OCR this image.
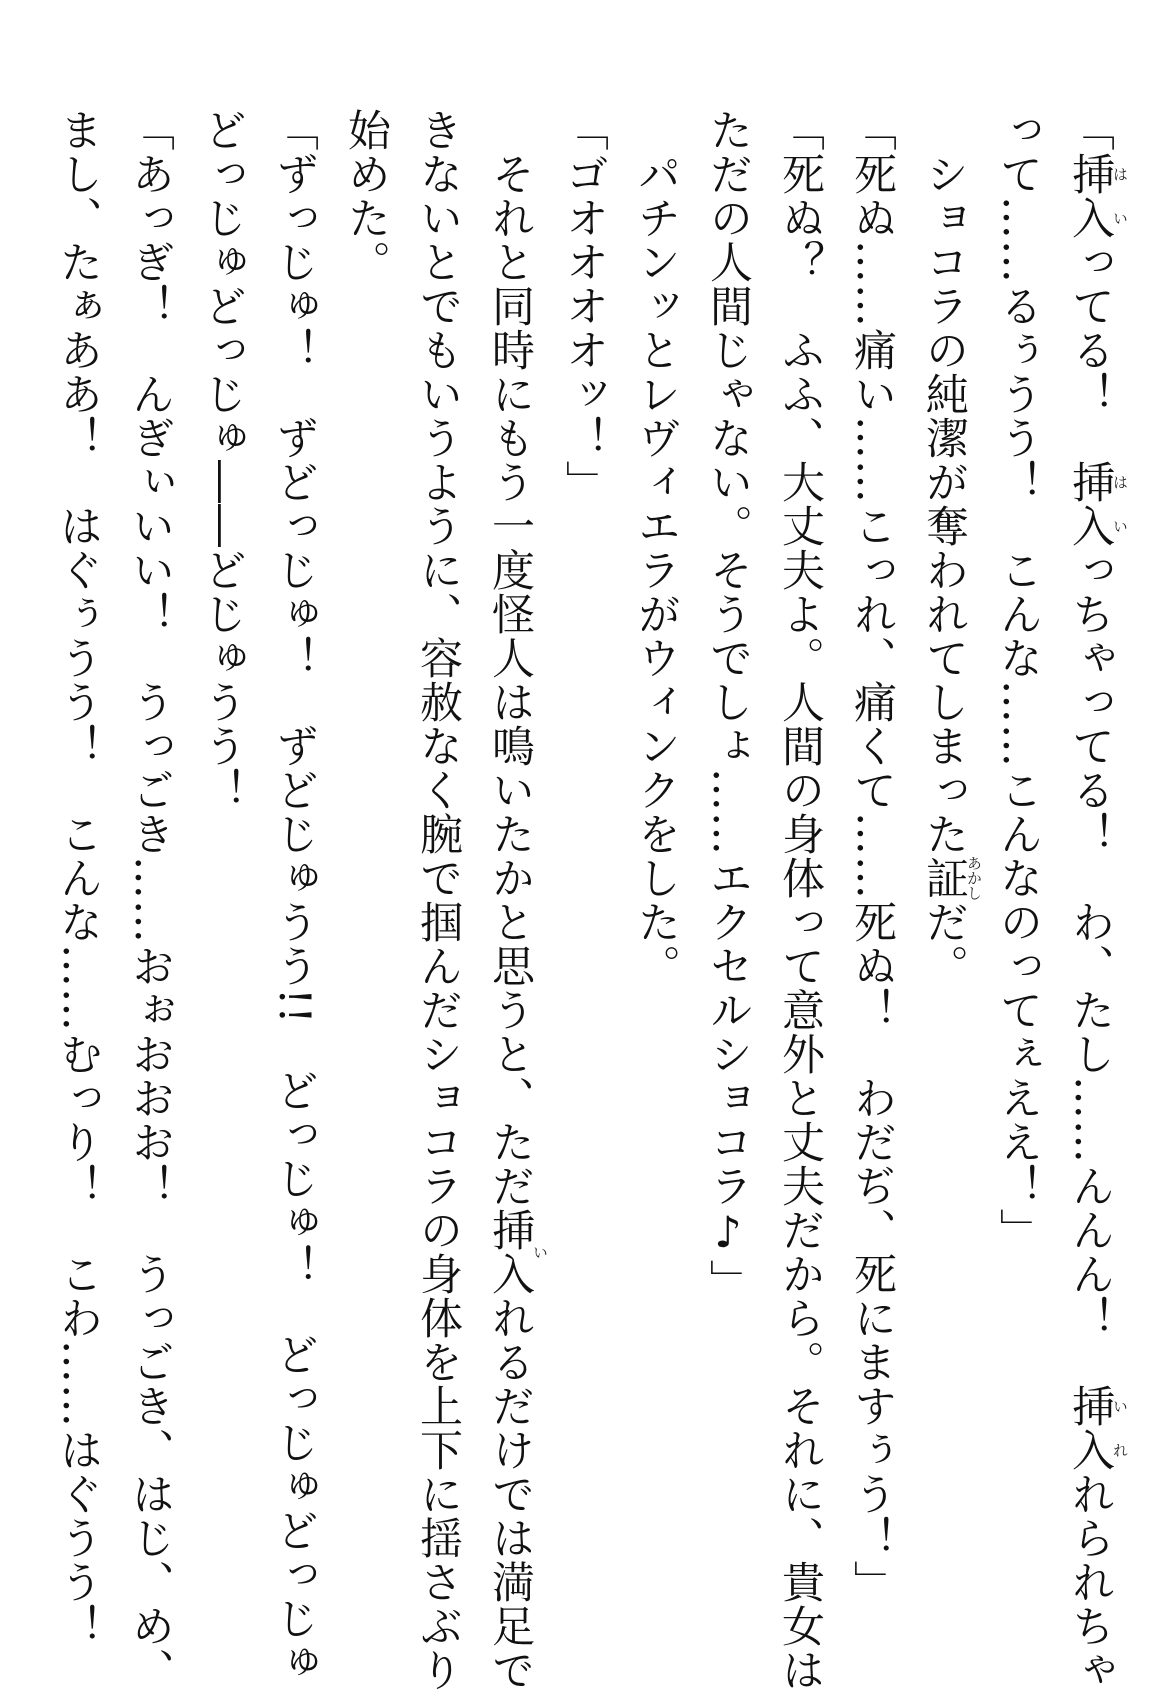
「挿は入いってる！　挿は入いっちゃってる！　わ、たし……んんん！　挿い入れれられちゃ
って……るぅうう！　こんな……こんなのってぇええ！」
　ショコラの純潔が奪われてしまった証あかしだ。
「死ぬ……痛い……こっれ、痛くて……死ぬ！　わだぢ、死にますぅう！」
「死ぬ？　ふふ、大丈夫よ。人間の身体って意外と丈夫だから。それに、貴女は
ただの人間じゃない。そうでしょ……エクセルショコラ♪」
　パチンッとレヴィエラがウィンクをした。
「ゴオオオオッ！」
　それと同時にもう一度怪人は鳴いたかと思うと、ただ挿入いれるだけでは満足で
きないとでもいうように、容赦なく腕で掴んだショコラの身体を上下に揺さぶり
始めた。
「ずっじゅ！　ずどっじゅ！　ずどじゅうう!!　どっじゅ！　どっじゅどっじゅ
どっじゅどっじゅ――どじゅうう！
「あっぎ！　んぎぃいい！　うっごき……おぉおおお！　うっごき、はじ、め、
まし、たぁああ！　はぐぅうう！　こんな……むっり！　こわ……はぐうう！
